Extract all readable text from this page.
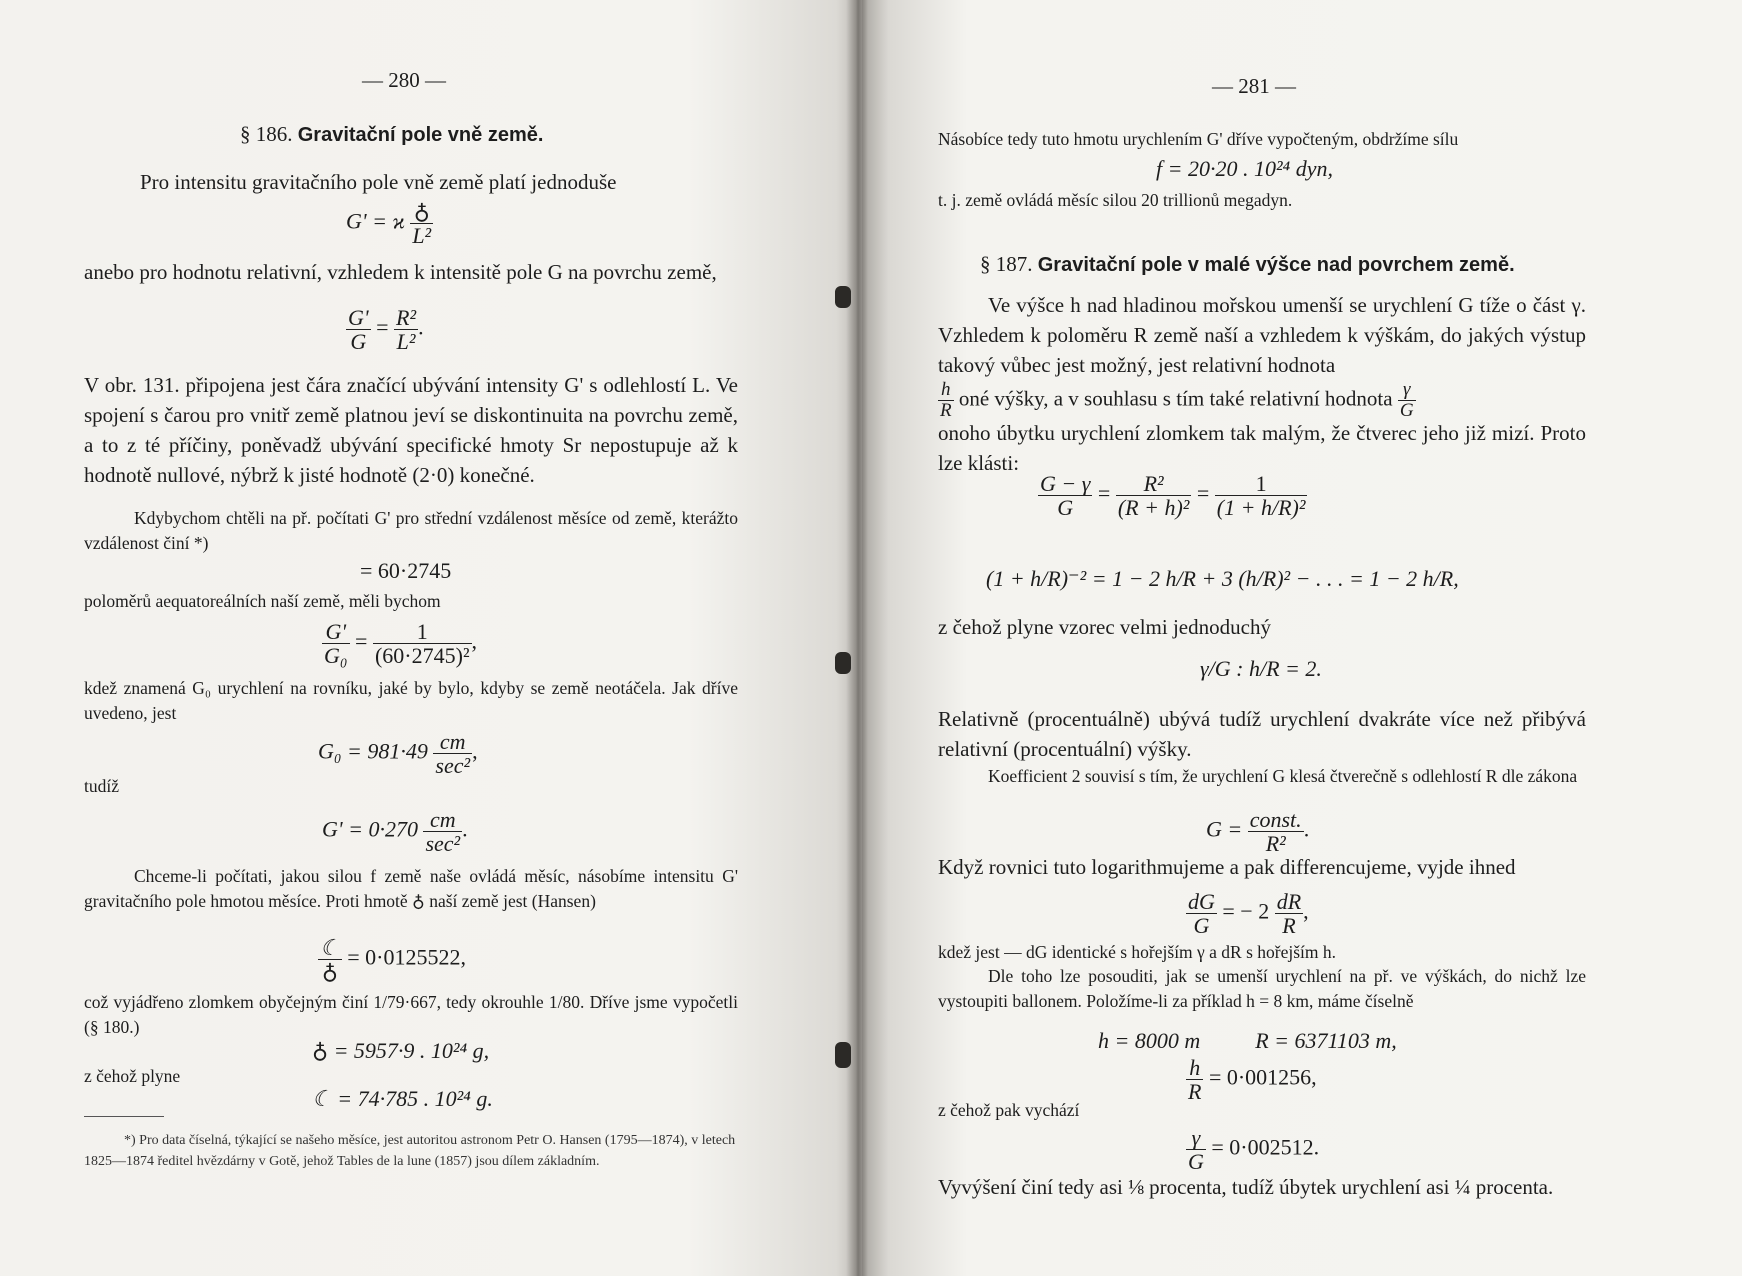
— 280 —
§ 186. Gravitační pole vně země.
Pro intensitu gravitačního pole vně země platí jednoduše
G' = ϰ $\frac{♁}{\text{L²}}$
anebo pro hodnotu relativní, vzhledem k intensitě pole G na povrchu země,
$\frac{G'}{G} = \frac{\text{R²}}{\text{L²}}$ .
V obr. 131. připojena jest čára značící ubývání intensity G' s odlehlostí L. Ve spojení s čarou pro vnitř země platnou jeví se diskontinuita na povrchu země, a to z té příčiny, poněvadž ubývání specifické hmoty Sr nepostupuje až k hodnotě nullové, nýbrž k jisté hodnotě (2·0) konečné.
Kdybychom chtěli na př. počítati G' pro střední vzdálenost měsíce od země, kterážto vzdálenost činí *)
= 60·2745
poloměrů aequatoreálních naší země, měli bychom
$\frac{G'}{\text{G₀}} = \frac{1}{\text{(60·2745)²}}$ ,
kdež znamená G₀ urychlení na rovníku, jaké by bylo, kdyby se země neotáčela. Jak dříve uvedeno, jest
$G_0 = 981\cdot 49 \frac{cm}{\text{sec²}}$ ,
tudíž
$G' = 0\cdot 270 \frac{cm}{\text{sec²}}$ .
Chceme-li počítati, jakou silou f země naše ovládá měsíc, násobíme intensitu G' gravitačního pole hmotou měsíce. Proti hmotě ♁ naší země jest (Hansen)
$\frac{☾}{♁} = 0\cdot 0125522$,
což vyjádřeno zlomkem obyčejným činí 1/79·667, tedy okrouhle 1/80. Dříve jsme vypočetli (§ 180.)
♁ = 5957·9 . 10²⁴ g,
z čehož plyne
☾ = 74·785 . 10²⁴ g.
*) Pro data číselná, týkající se našeho měsíce, jest autoritou astronom Petr O. Hansen (1795—1874), v letech 1825—1874 ředitel hvězdárny v Gotě, jehož Tables de la lune (1857) jsou dílem základním.
— 281 —
Násobíce tedy tuto hmotu urychlením G' dříve vypočteným, obdržíme sílu
f = 20·20 . 10²⁴ dyn,
t. j. země ovládá měsíc silou 20 trillionů megadyn.
§ 187. Gravitační pole v malé výšce nad povrchem země.
Ve výšce h nad hladinou mořskou umenší se urychlení G tíže o část γ. Vzhledem k poloměru R země naší a vzhledem k výškám, do jakých výstup takový vůbec jest možný, jest relativní hodnota
$\frac{h}{R}$ oné výšky, a v souhlasu s tím také relativní hodnota $\frac{\gamma}{G}$
onoho úbytku urychlení zlomkem tak malým, že čtverec jeho již mizí. Proto lze klásti:
$\frac{G - \gamma}{G} = \frac{\text{R²}}{\text{(R + h)²}} = \frac{1}{\text{(1 + h/R)²}}$
(1 + h/R)⁻² = 1 − 2 h/R + 3 (h/R)² − . . . = 1 − 2 h/R,
z čehož plyne vzorec velmi jednoduchý
γ/G : h/R = 2.
Relativně (procentuálně) ubývá tudíž urychlení dvakráte více než přibývá relativní (procentuální) výšky.
Koefficient 2 souvisí s tím, že urychlení G klesá čtverečně s odlehlostí R dle zákona
$G = \frac{\text{const.}}{\text{R²}}$ .
Když rovnici tuto logarithmujeme a pak differencujeme, vyjde ihned
$\frac{dG}{G}$ = − $2 \frac{dR}{R}$ ,
kdež jest — dG identické s hořejším γ a dR s hořejším h.
Dle toho lze posouditi, jak se umenší urychlení na př. ve výškách, do nichž lze vystoupiti ballonem. Položíme-li za příklad h = 8 km, máme číselně
h = 8000 m          R = 6371103 m,
$\frac{h}{R} = 0\cdot 001256$,
z čehož pak vychází
$\frac{\gamma}{G} = 0\cdot 002512$.
Vyvýšení činí tedy asi ⅛ procenta, tudíž úbytek urychlení asi ¼ procenta.
